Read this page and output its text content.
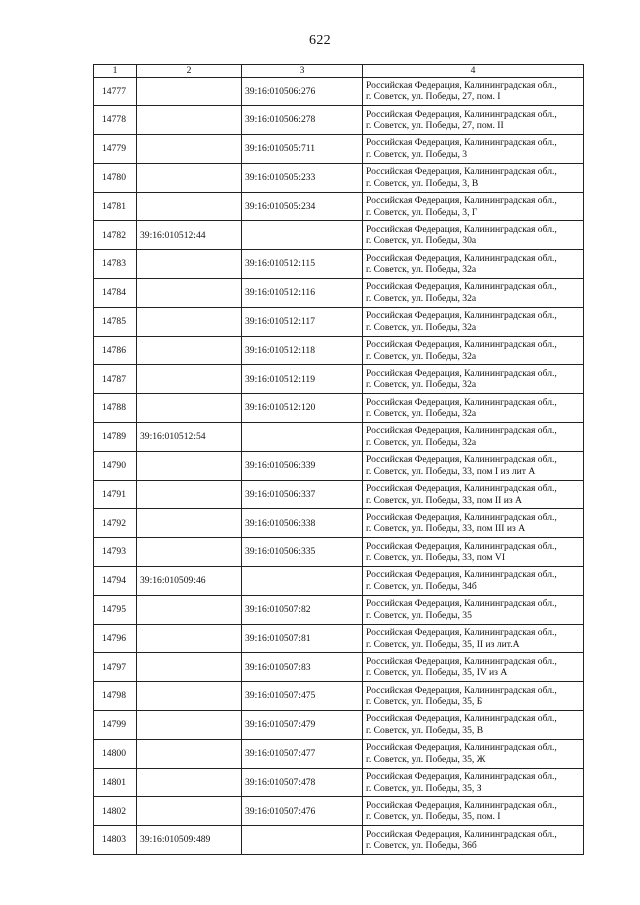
622
1	2	3	4
14777		39:16:010506:276	Российская Федерация, Калининградская обл.,
г. Советск, ул. Победы, 27, пом. I

14778		39:16:010506:278	Российская Федерация, Калининградская обл.,
г. Советск, ул. Победы, 27, пом. II

14779		39:16:010505:711	Российская Федерация, Калининградская обл.,
г. Советск, ул. Победы, 3

14780		39:16:010505:233	Российская Федерация, Калининградская обл.,
г. Советск, ул. Победы, 3, В

14781		39:16:010505:234	Российская Федерация, Калининградская обл.,
г. Советск, ул. Победы, 3, Г

14782	39:16:010512:44		Российская Федерация, Калининградская обл.,
г. Советск, ул. Победы, 30а

14783		39:16:010512:115	Российская Федерация, Калининградская обл.,
г. Советск, ул. Победы, 32а

14784		39:16:010512:116	Российская Федерация, Калининградская обл.,
г. Советск, ул. Победы, 32а

14785		39:16:010512:117	Российская Федерация, Калининградская обл.,
г. Советск, ул. Победы, 32а

14786		39:16:010512:118	Российская Федерация, Калининградская обл.,
г. Советск, ул. Победы, 32а

14787		39:16:010512:119	Российская Федерация, Калининградская обл.,
г. Советск, ул. Победы, 32а

14788		39:16:010512:120	Российская Федерация, Калининградская обл.,
г. Советск, ул. Победы, 32а

14789	39:16:010512:54		Российская Федерация, Калининградская обл.,
г. Советск, ул. Победы, 32а

14790		39:16:010506:339	Российская Федерация, Калининградская обл.,
г. Советск, ул. Победы, 33, пом I из лит А

14791		39:16:010506:337	Российская Федерация, Калининградская обл.,
г. Советск, ул. Победы, 33, пом II из А

14792		39:16:010506:338	Российская Федерация, Калининградская обл.,
г. Советск, ул. Победы, 33, пом III из А

14793		39:16:010506:335	Российская Федерация, Калининградская обл.,
г. Советск, ул. Победы, 33, пом VI

14794	39:16:010509:46		Российская Федерация, Калининградская обл.,
г. Советск, ул. Победы, 34б

14795		39:16:010507:82	Российская Федерация, Калининградская обл.,
г. Советск, ул. Победы, 35

14796		39:16:010507:81	Российская Федерация, Калининградская обл.,
г. Советск, ул. Победы, 35, II из лит.А

14797		39:16:010507:83	Российская Федерация, Калининградская обл.,
г. Советск, ул. Победы, 35, IV из А

14798		39:16:010507:475	Российская Федерация, Калининградская обл.,
г. Советск, ул. Победы, 35, Б

14799		39:16:010507:479	Российская Федерация, Калининградская обл.,
г. Советск, ул. Победы, 35, В

14800		39:16:010507:477	Российская Федерация, Калининградская обл.,
г. Советск, ул. Победы, 35, Ж

14801		39:16:010507:478	Российская Федерация, Калининградская обл.,
г. Советск, ул. Победы, 35, З

14802		39:16:010507:476	Российская Федерация, Калининградская обл.,
г. Советск, ул. Победы, 35, пом. I

14803	39:16:010509:489		Российская Федерация, Калининградская обл.,
г. Советск, ул. Победы, 36б
